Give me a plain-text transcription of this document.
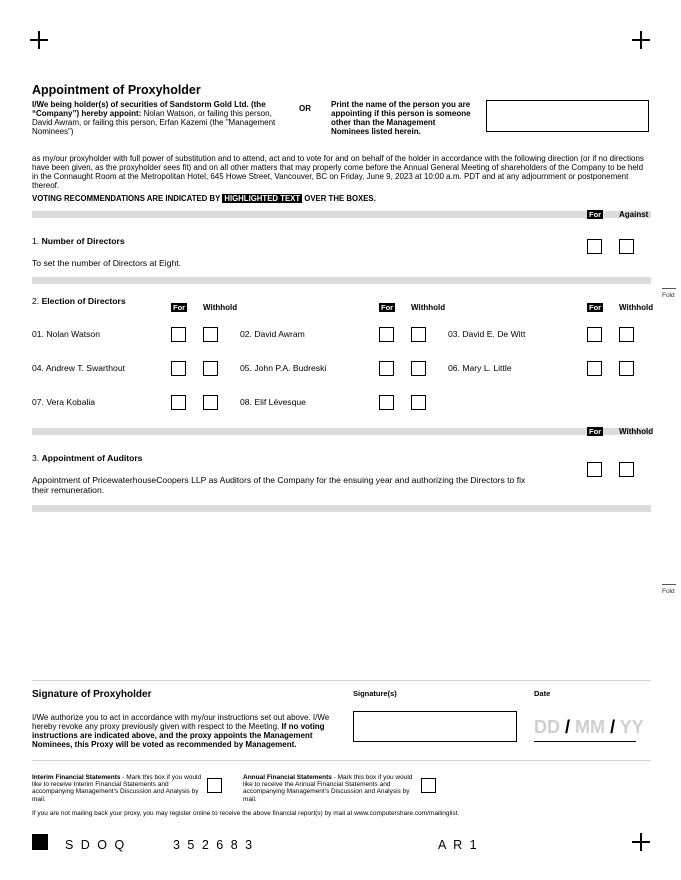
Appointment of Proxyholder
I/We being holder(s) of securities of Sandstorm Gold Ltd. (the “Company”) hereby appoint: Nolan Watson, or failing this person, David Awram, or failing this person, Erfan Kazemi (the "Management Nominees")
OR	Print the name of the person you are appointing if this person is someone other than the Management Nominees listed herein.
as my/our proxyholder with full power of substitution and to attend, act and to vote for and on behalf of the holder in accordance with the following direction (or if no directions have been given, as the proxyholder sees fit) and on all other matters that may properly come before the Annual General Meeting of shareholders of the Company to be held in the Connaught Room at the Metropolitan Hotel, 645 Howe Street, Vancouver, BC on Friday, June 9, 2023 at 10:00 a.m. PDT and at any adjournment or postponement thereof.
VOTING RECOMMENDATIONS ARE INDICATED BY HIGHLIGHTED TEXT OVER THE BOXES.
For Against
1. Number of Directors
To set the number of Directors at Eight.
2. Election of Directors
For Withhold	For Withhold	For Withhold
01. Nolan Watson	02. David Awram	03. David E. De Witt
04. Andrew T. Swarthout	05. John P.A. Budreski	06. Mary L. Little
07. Vera Kobalia	08. Elif Lévesque
For Withhold
3. Appointment of Auditors
Appointment of PricewaterhouseCoopers LLP as Auditors of the Company for the ensuing year and authorizing the Directors to fix their remuneration.
Fold
Fold
Signature of Proxyholder	Signature(s)	Date
I/We authorize you to act in accordance with my/our instructions set out above. I/We hereby revoke any proxy previously given with respect to the Meeting. If no voting instructions are indicated above, and the proxy appoints the Management Nominees, this Proxy will be voted as recommended by Management.
DD / MM / YY
Interim Financial Statements - Mark this box if you would like to receive Interim Financial Statements and accompanying Management’s Discussion and Analysis by mail.
Annual Financial Statements - Mark this box if you would like to receive the Annual Financial Statements and accompanying Management’s Discussion and Analysis by mail.
If you are not mailing back your proxy, you may register online to receive the above financial report(s) by mail at www.computershare.com/mailinglist.
S D O Q	3 5 2 6 8 3	A R 1
